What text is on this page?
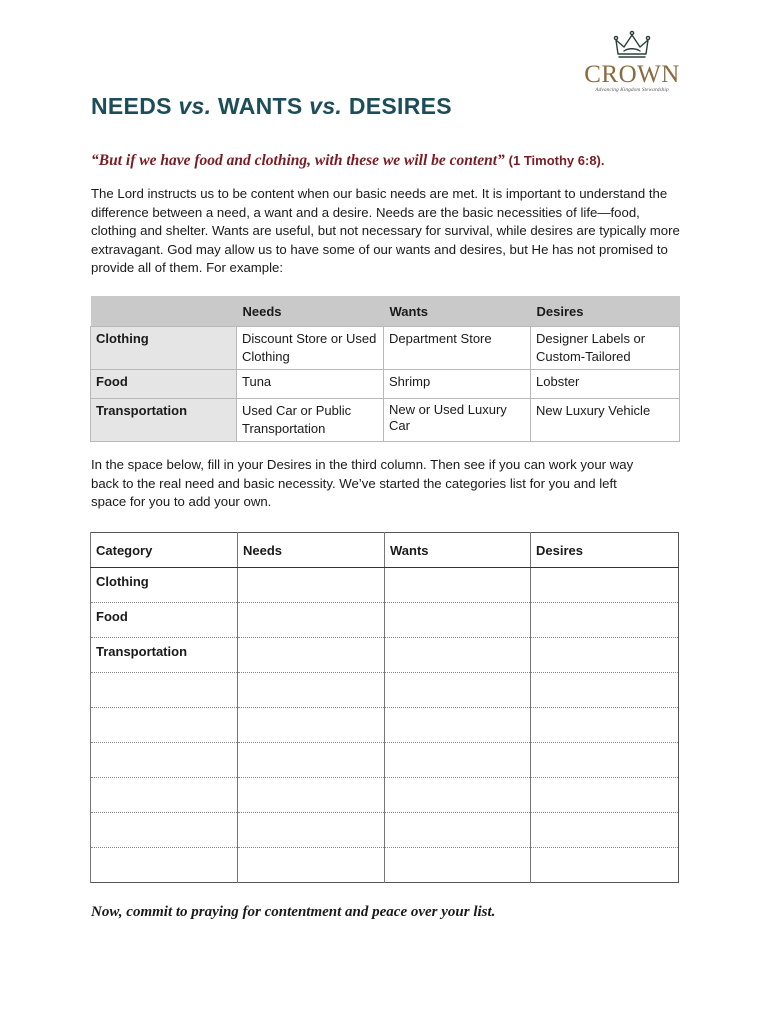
CROWN
Advancing Kingdom Stewardship
NEEDS vs. WANTS vs. DESIRES
“But if we have food and clothing, with these we will be content” (1 Timothy 6:8).

The Lord instructs us to be content when our basic needs are met. It is important to understand the difference between a need, a want and a desire. Needs are the basic necessities of life—food, clothing and shelter. Wants are useful, but not necessary for survival, while desires are typically more extravagant. God may allow us to have some of our wants and desires, but He has not promised to provide all of them. For example:

	Needs	Wants	Desires
Clothing	Discount Store or Used Clothing	Department Store	Designer Labels or Custom-Tailored
Food	Tuna	Shrimp	Lobster
Transportation	Used Car or Public Transportation	New or Used Luxury Car	New Luxury Vehicle

In the space below, fill in your Desires in the third column. Then see if you can work your way back to the real need and basic necessity. We’ve started the categories list for you and left space for you to add your own.

Category	Needs	Wants	Desires
Clothing			
Food			
Transportation			

Now, commit to praying for contentment and peace over your list.
